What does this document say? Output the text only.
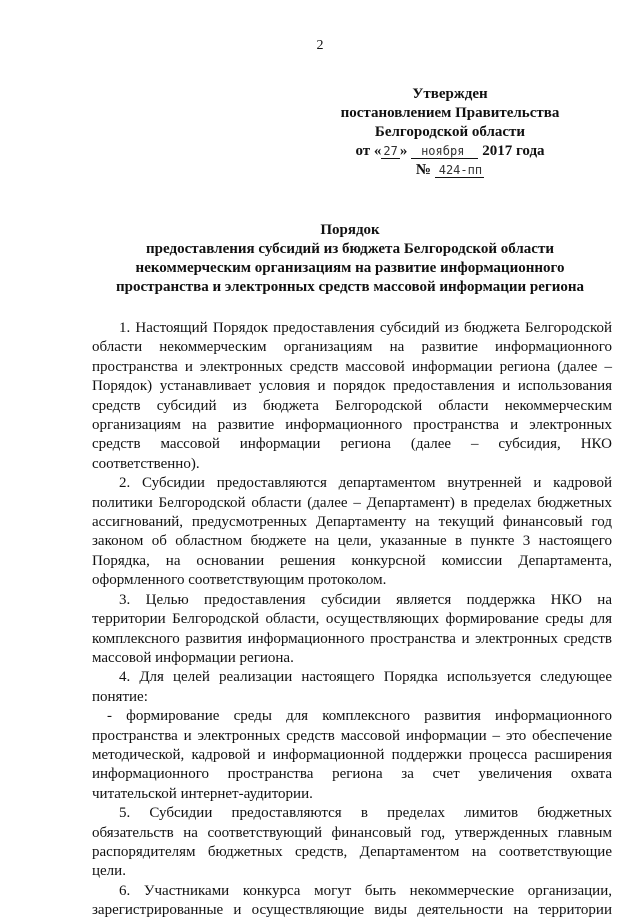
2
Утвержден
постановлением Правительства
Белгородской области
от « 27 » ноября 2017 года
№ 424-пп
Порядок
предоставления субсидий из бюджета Белгородской области
некоммерческим организациям на развитие информационного
пространства и электронных средств массовой информации региона
1. Настоящий Порядок предоставления субсидий из бюджета Белгородской
области некоммерческим организациям на развитие информационного
пространства и электронных средств массовой информации региона (далее –
Порядок) устанавливает условия и порядок предоставления и использования
средств субсидий из бюджета Белгородской области некоммерческим
организациям на развитие информационного пространства и электронных
средств массовой информации региона (далее – субсидия, НКО
соответственно).
2. Субсидии предоставляются департаментом внутренней и кадровой
политики Белгородской области (далее – Департамент) в пределах бюджетных
ассигнований, предусмотренных Департаменту на текущий финансовый год
законом об областном бюджете на цели, указанные в пункте 3 настоящего
Порядка, на основании решения конкурсной комиссии Департамента,
оформленного соответствующим протоколом.
3. Целью предоставления субсидии является поддержка НКО на
территории Белгородской области, осуществляющих формирование среды для
комплексного развития информационного пространства и электронных средств
массовой информации региона.
4. Для целей реализации настоящего Порядка используется следующее
понятие:
- формирование среды для комплексного развития информационного
пространства и электронных средств массовой информации – это обеспечение
методической, кадровой и информационной поддержки процесса расширения
информационного пространства региона за счет увеличения охвата
читательской интернет-аудитории.
5. Субсидии предоставляются в пределах лимитов бюджетных
обязательств на соответствующий финансовый год, утвержденных главным
распорядителям бюджетных средств, Департаментом на соответствующие
цели.
6. Участниками конкурса могут быть некоммерческие организации,
зарегистрированные и осуществляющие виды деятельности на территории
